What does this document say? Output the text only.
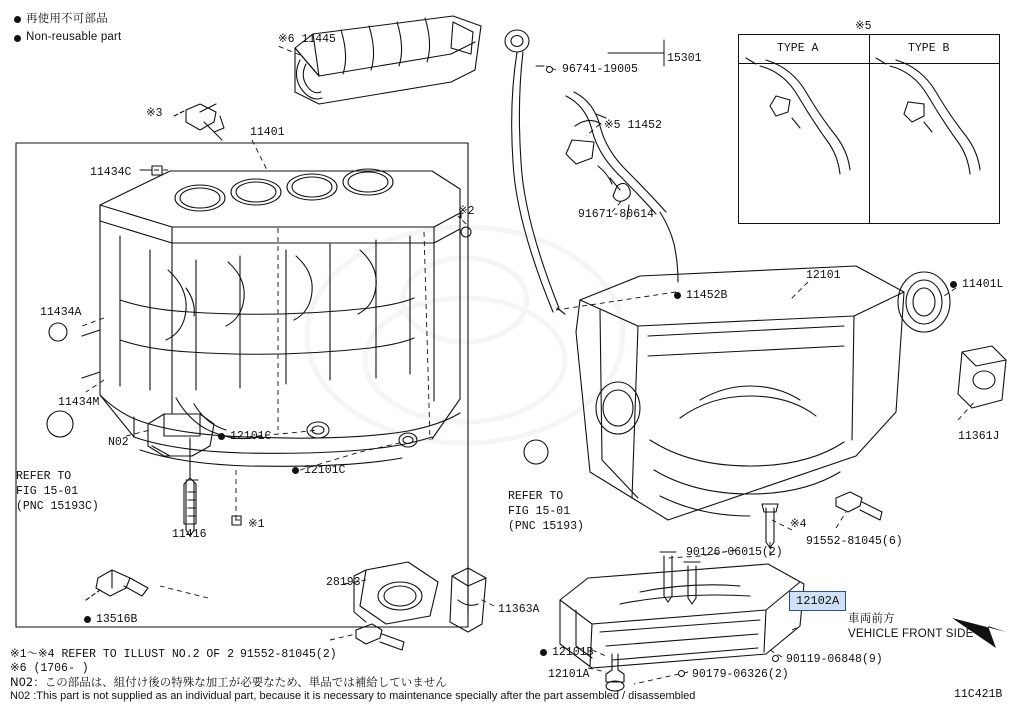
※5
TYPE A	TYPE B
再使用不可部品
Non-reusable part	※6 11445
96741-19005
15301
※5 11452
91671-80614
※3
11401
11434C
※2
11434A
11434M
N02	12101C
12101C
11416
※1
13516B
28193
91552-81045(2)
11363A
11452B
12101
11401L
11361J
※4
91552-81045(6)
90126-06015(2)
90119-06848(9)
12101B
12101A	90179-06326(2)
REFER TO
FIG 15-01
(PNC 15193C)
REFER TO
FIG 15-01
(PNC 15193)
12102A
車両前方
VEHICLE FRONT SIDE
※1～※4 REFER TO ILLUST NO.2 OF 2
※6 (1706- )
N02：この部品は、組付け後の特殊な加工が必要なため、単品では補給していません
N02 :This part is not supplied as an individual part, because it is necessary to maintenance specially after the part assembled / disassembled	11C421B
